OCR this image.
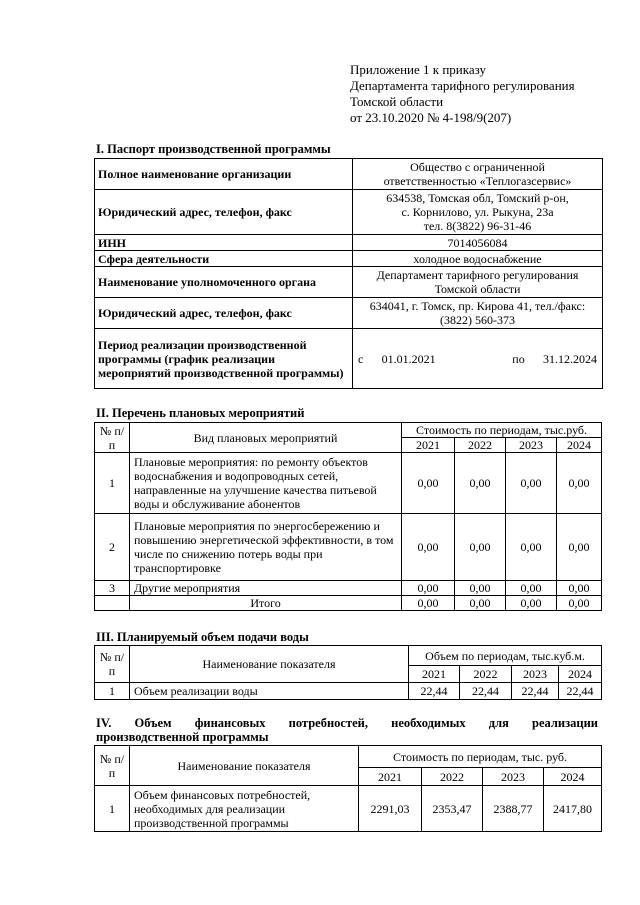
Приложение 1 к приказу
Департамента тарифного регулирования
Томской области
от 23.10.2020 № 4-198/9(207)
I. Паспорт производственной программы
Полное наименование организации	Общество с ограниченной
ответственностью «Теплогазсервис»

Юридический адрес, телефон, факс	634538, Томская обл, Томский р-он,
с. Корнилово, ул. Рыкуна, 23а
тел. 8(3822) 96-31-46

ИНН	7014056084
Сфера деятельности	холодное водоснабжение
Наименование уполномоченного органа	Департамент тарифного регулирования
Томской области

Юридический адрес, телефон, факс	634041, г. Томск, пр. Кирова 41, тел./факс:
(3822) 560-373

Период реализации производственной программы (график реализации мероприятий производственной программы)	с 01.01.2021 по 31.12.2024
II. Перечень плановых мероприятий
№ п/п	Вид плановых мероприятий	Стоимость по периодам, тыс.руб.			
		2021	2022	2023	2024
1	Плановые мероприятия: по ремонту объектов водоснабжения и водопроводных сетей, направленные на улучшение качества питьевой воды и обслуживание абонентов	0,00	0,00	0,00	0,00
2	Плановые мероприятия по энергосбережению и повышению энергетической эффективности, в том числе по снижению потерь воды при транспортировке	0,00	0,00	0,00	0,00
3	Другие мероприятия	0,00	0,00	0,00	0,00
	Итого	0,00	0,00	0,00	0,00
III. Планируемый объем подачи воды
№ п/п	Наименование показателя	Объем по периодам, тыс.куб.м.			
		2021	2022	2023	2024
1	Объем реализации воды	22,44	22,44	22,44	22,44
IV. Объем финансовых потребностей, необходимых для реализации
производственной программы
№ п/п	Наименование показателя	Стоимость по периодам, тыс. руб.			
		2021	2022	2023	2024
1	Объем финансовых потребностей, необходимых для реализации производственной программы	2291,03	2353,47	2388,77	2417,80
